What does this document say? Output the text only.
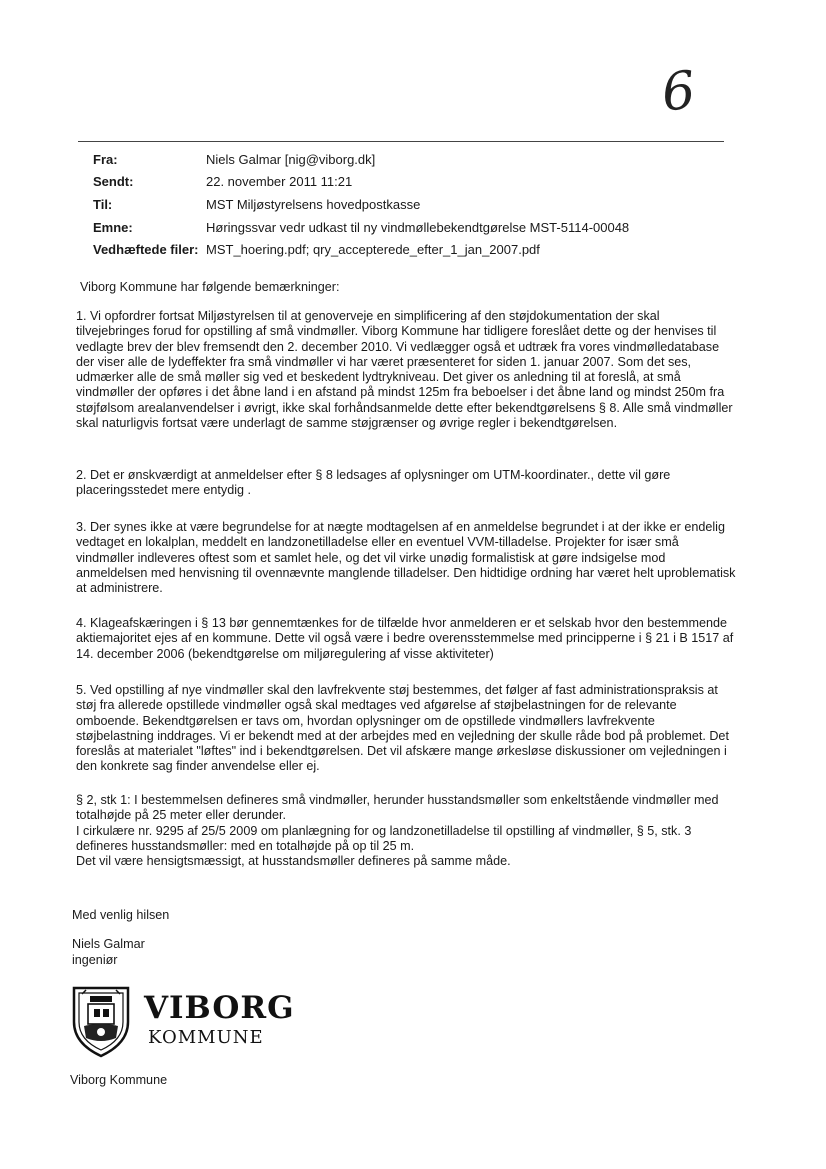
6
Fra:	Niels Galmar [nig@viborg.dk]
Sendt:	22. november 2011 11:21
Til:	MST Miljøstyrelsens hovedpostkasse
Emne:	Høringssvar vedr udkast til ny vindmøllebekendtgørelse MST-5114-00048
Vedhæftede filer: MST_hoering.pdf; qry_accepterede_efter_1_jan_2007.pdf
Viborg Kommune har følgende bemærkninger:
1. Vi opfordrer fortsat Miljøstyrelsen til at genoverveje en simplificering af den støjdokumentation der skal tilvejebringes forud for opstilling af små vindmøller. Viborg Kommune har tidligere foreslået dette og der henvises til vedlagte brev der blev fremsendt den 2. december 2010. Vi vedlægger også et udtræk fra vores vindmølledatabase der viser alle de lydeffekter fra små vindmøller vi har været præsenteret for siden 1. januar 2007. Som det ses, udmærker alle de små møller sig ved et beskedent lydtrykniveau. Det giver os anledning til at foreslå, at små vindmøller der opføres i det åbne land i en afstand på mindst 125m fra beboelser i det åbne land og mindst 250m fra støjfølsom arealanvendelser i øvrigt, ikke skal forhåndsanmelde dette efter bekendtgørelsens § 8. Alle små vindmøller skal naturligvis fortsat være underlagt de samme støjgrænser og øvrige regler i bekendtgørelsen.
2. Det er ønskværdigt at anmeldelser efter § 8 ledsages af oplysninger om UTM-koordinater., dette vil gøre placeringsstedet mere entydig .
3. Der synes ikke at være begrundelse for at nægte modtagelsen af en anmeldelse begrundet i at der ikke er endelig vedtaget en lokalplan, meddelt en landzonetilladelse eller en eventuel VVM-tilladelse. Projekter for især små vindmøller indleveres oftest som et samlet hele, og det vil virke unødig formalistisk at gøre indsigelse mod anmeldelsen med henvisning til ovennævnte manglende tilladelser. Den hidtidige ordning har været helt uproblematisk at administrere.
4. Klageafskæringen i § 13 bør gennemtænkes for de tilfælde hvor anmelderen er et selskab hvor den bestemmende aktiemajoritet ejes af en kommune. Dette vil også være i bedre overensstemmelse med principperne i § 21 i B 1517 af 14. december 2006 (bekendtgørelse om miljøregulering af visse aktiviteter)
5. Ved opstilling af nye vindmøller skal den lavfrekvente støj bestemmes, det følger af fast administrationspraksis at støj fra allerede opstillede vindmøller også skal medtages ved afgørelse af støjbelastningen for de relevante omboende. Bekendtgørelsen er tavs om, hvordan oplysninger om de opstillede vindmøllers lavfrekvente støjbelastning inddrages. Vi er bekendt med at der arbejdes med en vejledning der skulle råde bod på problemet. Det foreslås at materialet "løftes" ind i bekendtgørelsen. Det vil afskære mange ørkesløse diskussioner om vejledningen i den konkrete sag finder anvendelse eller ej.
§ 2, stk 1: I bestemmelsen defineres små vindmøller, herunder husstandsmøller som enkeltstående vindmøller med totalhøjde på 25 meter eller derunder.
I cirkulære nr. 9295 af 25/5 2009 om planlægning for og landzonetilladelse til opstilling af vindmøller, § 5, stk. 3 defineres husstandsmøller: med en totalhøjde på op til 25 m.
Det vil være hensigtsmæssigt, at husstandsmøller defineres på samme måde.
Med venlig hilsen
Niels Galmar
ingeniør
VIBORG
KOMMUNE
Viborg Kommune
